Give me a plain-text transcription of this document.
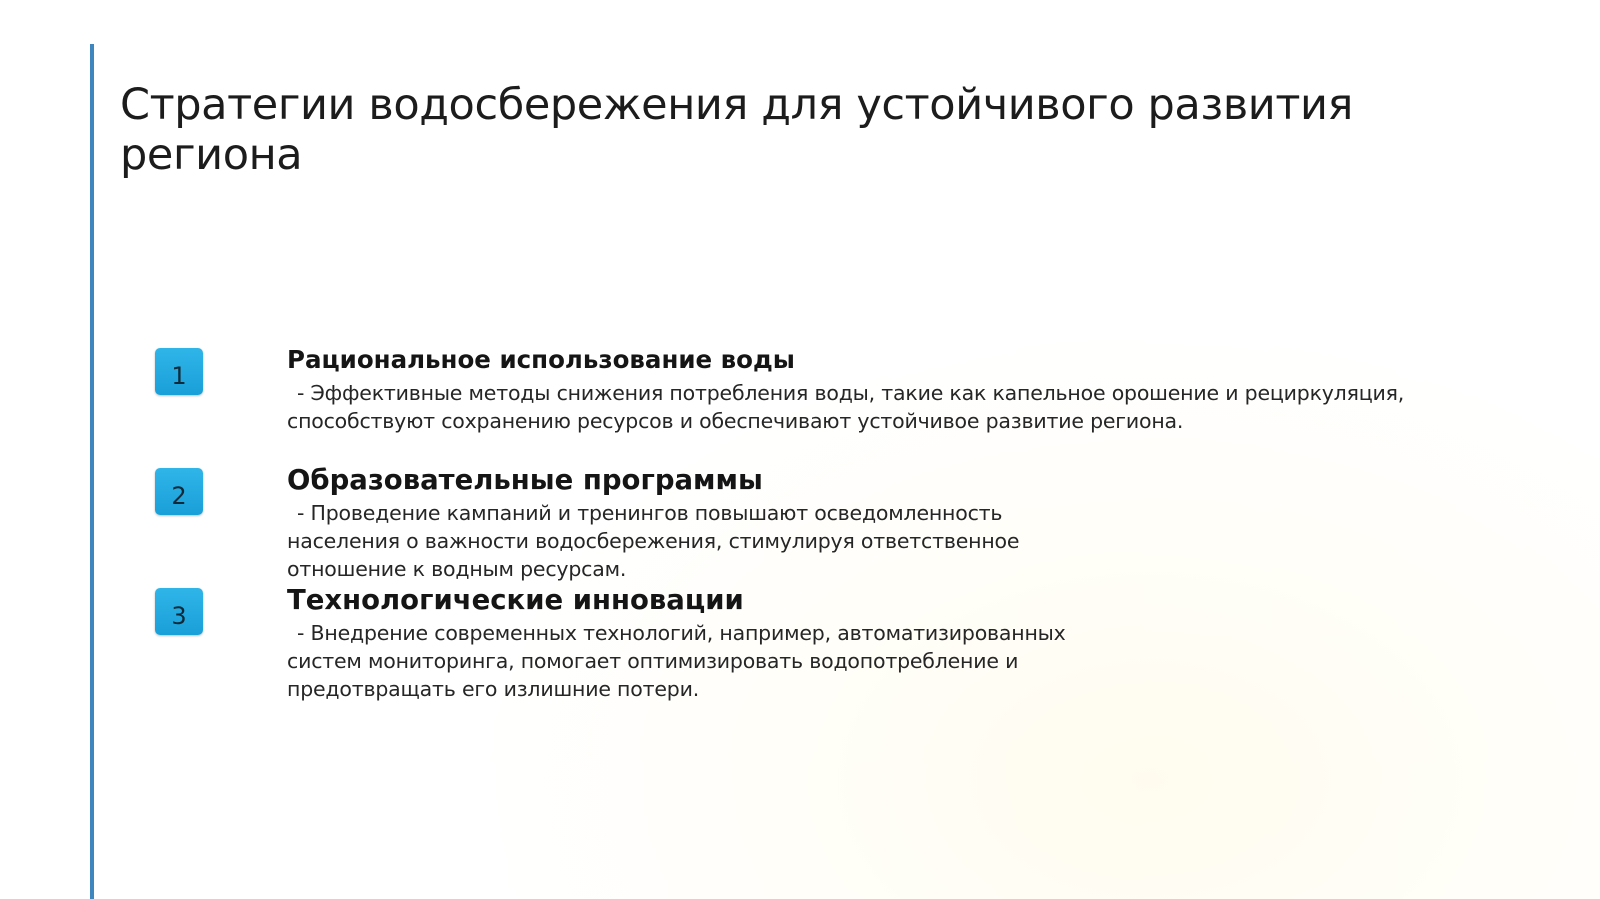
Стратегии водосбережения для устойчивого развития региона
1
Рациональное использование воды

- Эффективные методы снижения потребления воды, такие как капельное орошение и рециркуляция, способствуют сохранению ресурсов и обеспечивают устойчивое развитие региона.

2	Образовательные программы

- Проведение кампаний и тренингов повышают осведомленность населения о важности водосбережения, стимулируя ответственное отношение к водным ресурсам.

3	Технологические инновации

- Внедрение современных технологий, например, автоматизированных систем мониторинга, помогает оптимизировать водопотребление и предотвращать его излишние потери.
